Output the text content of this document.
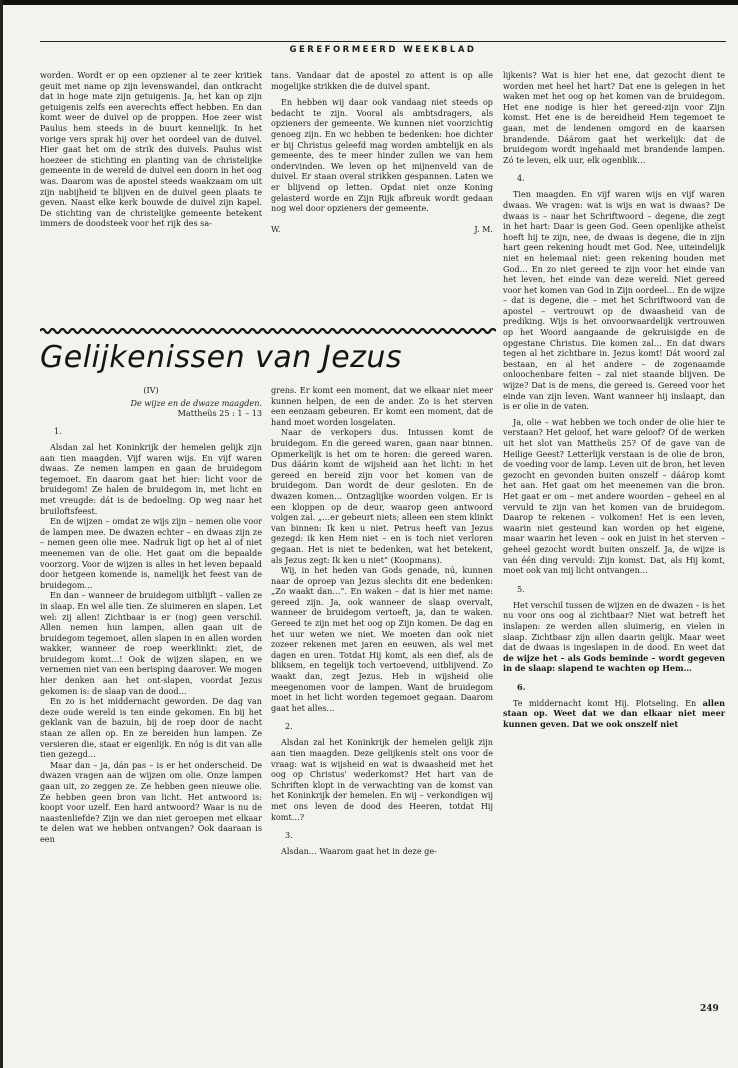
GEREFORMEERD WEEKBLAD

worden. Wordt er op een opziener al te zeer kritiek geuit met name op zijn levenswandel, dan ontkracht dat in hoge mate zijn getuigenis. Ja, het kan op zijn getuigenis zelfs een averechts effect hebben. En dan komt weer de duivel op de proppen. Hoe zeer wist Paulus hem steeds in de buurt kennelijk. In het vorige vers sprak hij over het oordeel van de duivel. Hier gaat het om de strik des duivels. Paulus wist hoezeer de stichting en planting van de christelijke gemeente in de wereld de duivel een doorn in het oog was. Daarom was de apostel steeds waakzaam om uit zijn nabijheid te blijven en de duivel geen plaats te geven. Naast elke kerk bouwde de duivel zijn kapel. De stichting van de christelijke gemeente betekent immers de doodsteek voor het rijk des sa-

tans. Vandaar dat de apostel zo attent is op alle mogelijke strikken die de duivel spant.

En hebben wij daar ook vandaag niet steeds op bedacht te zijn. Vooral als ambtsdragers, als opzieners der gemeente. We kunnen niet voorzichtig genoeg zijn. En wc hebben te bedenken: hoe dichter er bij Christus geleefd mag worden ambtelijk en als gemeente, des te meer hinder zullen we van hem ondervinden. We leven op het mijnenveld van de duivel. Er staan overal strikken gespannen. Laten we er blijvend op letten. Opdat niet onze Koning gelasterd worde en Zijn Rijk afbreuk wordt gedaan nog wel door opzieners der gemeente.

W.	J. M.

lijkenis? Wat is hier het ene, dat gezocht dient te worden met heel het hart? Dat ene is gelegen in het waken met het oog op het komen van de bruidegom. Het ene nodige is hier het gereed-zijn voor Zijn komst. Het ene is de bereidheid Hem tegemoet te gaan, met de lendenen omgord en de kaarsen brandende. Dáárom gaat het werkelijk: dat de bruidegom wordt ingehaald met brandende lampen. Zó te leven, elk uur, elk ogenblik…

4.

Tien maagden. En vijf waren wijs en vijf waren dwaas. We vragen: wat is wijs en wat is dwaas? De dwaas is – naar het Schriftwoord – degene, die zegt in het hart: Daar is geen God. Geen openlijke atheïst hoeft hij te zijn, nee, de dwaas is degene, die in zijn hart geen rekening houdt met God. Nee, uiteindelijk niet en helemaal niet: geen rekening houden met God… En zo niet gereed te zijn voor het einde van het leven, het einde van deze wereld. Niet gereed voor het komen van God in Zijn oordeel… En de wijze – dat is degene, die – met het Schriftwoord van de apostel – vertrouwt op de dwaasheid van de prediking. Wijs is het onvoorwaardelijk vertrouwen op het Woord aangaande de gekruisigde en de opgestane Christus. Die komen zal… En dat dwars tegen al het zichtbare in. Jezus komt! Dát woord zal bestaan, en al het andere – de zogenaamde onloochenbare feiten – zal niet staande blijven. De wijze? Dat is de mens, die gereed is. Gereed voor het einde van zijn leven. Want wanneer hij inslaapt, dan is er olie in de vaten.

Ja, olie – wat hebben we toch onder de olie hier te verstaan? Het geloof, het ware geloof? Of de werken uit het slot van Mattheüs 25? Of de gave van de Heilige Geest? Letterlijk verstaan is de olie de bron, de voeding voor de lamp. Leven uit de bron, het leven gezocht en gevonden buiten onszelf – dáárop komt het aan. Het gaat om het meenemen van die bron. Het gaat er om – met andere woorden – geheel en al vervuld te zijn van het komen van de bruidegom. Daarop te rekenen – volkomen! Het is een leven, waarin niet gesteund kan worden op het eigene, maar waarin het leven – ook en juist in het sterven – geheel gezocht wordt buiten onszelf. Ja, de wijze is van één ding vervuld: Zijn komst. Dat, als Hij komt, moet ook van mij licht ontvangen…

5.

Het verschil tussen de wijzen en de dwazen – is het nu voor ons oog al zichtbaar? Niet wat betreft het inslapen: ze werden allen sluimerig, en vielen in slaap. Zichtbaar zijn allen daarin gelijk. Maar weet dat de dwaas is ingeslapen in de dood. En weet dat de wijze het – als Gods beminde – wordt gegeven in de slaap: slapend te wachten op Hem…

6.

Te middernacht komt Hij. Plotseling. En allen staan op. Weet dat we dan elkaar niet meer kunnen geven. Dat we ook onszelf niet

Gelijkenissen van Jezus

(IV)

De wijze en de dwaze maagden.

Mattheüs 25 : 1 – 13

1.

Alsdan zal het Koninkrijk der hemelen gelijk zijn aan tien maagden. Vijf waren wijs. En vijf waren dwaas. Ze nemen lampen en gaan de bruidegom tegemoet. En daarom gaat het hier: licht voor de bruidegom! Ze halen de bruidegom in, met licht en met vreugde: dát is de bedoeling. Op weg naar het bruiloftsfeest.

En de wijzen – omdat ze wijs zijn – nemen olie voor de lampen mee. De dwazen echter – en dwaas zijn ze – nemen geen olie mee. Nadruk ligt op het al of niet meenemen van de olie. Het gaat om die bepaalde voorzorg. Voor de wijzen is alles in het leven bepaald door hetgeen komende is, namelijk het feest van de bruidegom…

En dan – wanneer de bruidegom uitblijft – vallen ze in slaap. En wel alle tien. Ze sluimeren en slapen. Let wel: zij allen! Zichtbaar is er (nog) geen verschil. Allen nemen hun lampen, allen gaan uit de bruidegom tegemoet, allen slapen in en allen worden wakker, wanneer de roep weerklinkt: ziet, de bruidegom komt…! Ook de wijzen slapen, en we vernemen niet van een berisping daarover. We mogen hier denken aan het ont-slapen, voordat Jezus gekomen is: de slaap van de dood…

En zo is het middernacht geworden. De dag van deze oude wereld is ten einde gekomen. En bij het geklank van de bazuin, bij de roep door de nacht staan ze allen op. En ze bereiden hun lampen. Ze versieren die, staat er eigenlijk. En nóg is dit van alle tien gezegd…

Maar dan – ja, dán pas – is er het onderscheid. De dwazen vragen aan de wijzen om olie. Onze lampen gaan uit, zo zeggen ze. Ze hebben geen nieuwe olie. Ze hebben geen bron van licht. Het antwoord is: koopt voor uzelf. Een hard antwoord? Waar is nu de naastenliefde? Zijn we dan niet geroepen met elkaar te delen wat we hebben ontvangen? Ook daaraan is een

grens. Er komt een moment, dat we elkaar niet meer kunnen helpen, de een de ander. Zo is het sterven een eenzaam gebeuren. Er komt een moment, dat de hand moet worden losgelaten.

Naar de verkopers dus. Intussen komt de bruidegom. En die gereed waren, gaan naar binnen. Opmerkelijk is het om te horen: die gereed waren. Dus dáárin komt de wijsheid aan het licht: in het gereed en bereid zijn voor het komen van de bruidegom. Dan wordt de deur gesloten. En de dwazen komen… Ontzaglijke woorden volgen. Er is een kloppen op de deur, waarop geen antwoord volgen zal. „…er gebeurt niets; alleen een stem klinkt van binnen: Ik ken u niet. Petrus heeft van Jezus gezegd: ik ken Hem niet – en is toch niet verloren gegaan. Het is niet te bedenken, wat het betekent, als Jezus zegt: Ik ken u niet” (Koopmans).

Wij, in het heden van Gods genade, nú, kunnen naar de oproep van Jezus slechts dit ene bedenken: „Zo waakt dan…”. En waken – dat is hier met name: gereed zijn. Ja, ook wanneer de slaap overvalt, wanneer de bruidegom vertoeft, ja, dan te waken. Gereed te zijn met het oog op Zijn komen. De dag en het uur weten we niet. We moeten dan ook niet zozeer rekenen met jaren en eeuwen, als wel met dagen en uren. Totdat Hij komt, als een dief, als de bliksem, en tegelijk toch vertoevend, uitblijvend. Zo waakt dan, zegt Jezus. Heb in wijsheid olie meegenomen voor de lampen. Want de bruidegom moet in het licht worden tegemoet gegaan. Daarom gaat het alles…

2.

Alsdan zal het Koninkrijk der hemelen gelijk zijn aan tien maagden. Deze gelijkenis stelt ons voor de vraag: wat is wijsheid en wat is dwaasheid met het oog op Christus' wederkomst? Het hart van de Schriften klopt in de verwachting van de komst van het Koninkrijk der hemelen. En wij – verkondigen wij met ons leven de dood des Heeren, totdat Hij komt…?

3.

Alsdan… Waarom gaat het in deze ge-

249
